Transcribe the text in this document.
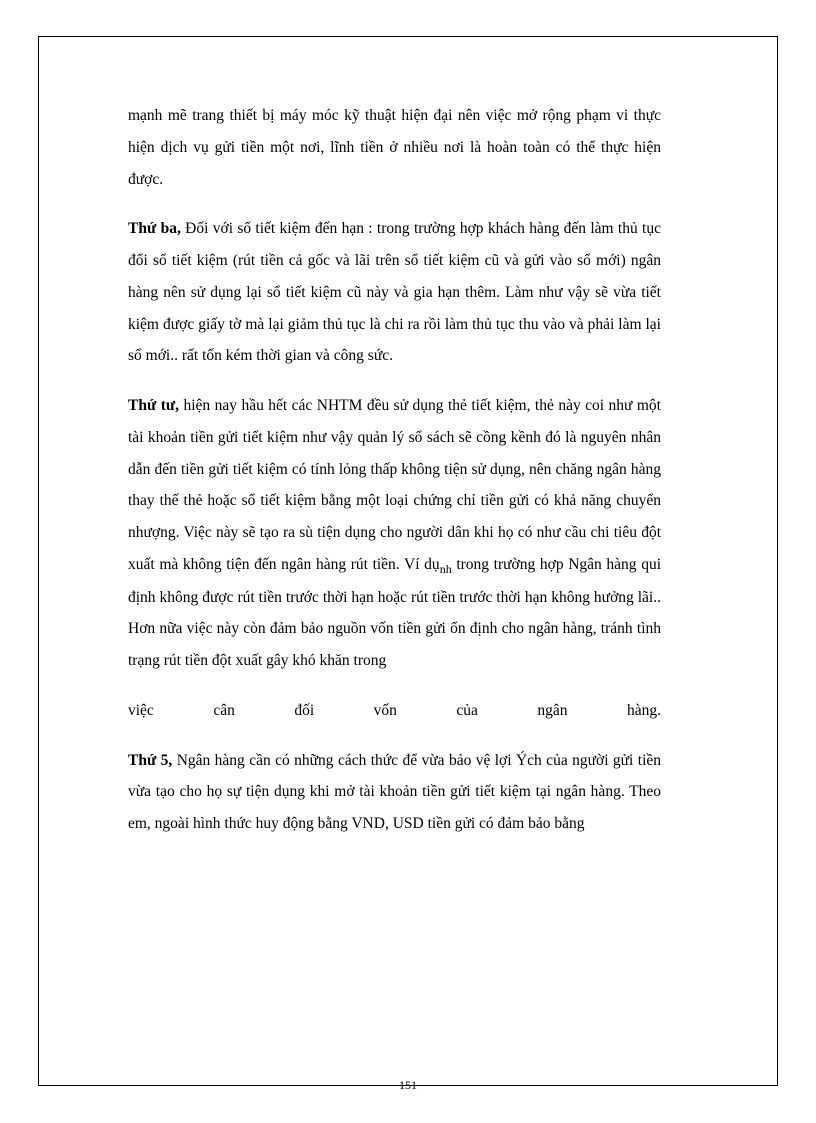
mạnh mẽ trang thiết bị máy móc kỹ thuật hiện đại nên việc mở rộng phạm vi thực hiện dịch vụ gửi tiền một nơi, lĩnh tiền ở nhiều nơi là hoàn toàn có thể thực hiện được.

Thứ ba, Đối với sổ tiết kiệm đến hạn : trong trường hợp khách hàng đến làm thủ tục đổi sổ tiết kiệm (rút tiền cả gốc và lãi trên sổ tiết kiệm cũ và gửi vào sổ mới) ngân hàng nên sử dụng lại sổ tiết kiệm cũ này và gia hạn thêm. Làm như vậy sẽ vừa tiết kiệm được giấy tờ mà lại giảm thủ tục là chi ra rồi làm thủ tục thu vào và phải làm lại sổ mới.. rất tốn kém thời gian và công sức.

Thứ tư, hiện nay hầu hết các NHTM đều sử dụng thẻ tiết kiệm, thẻ này coi như một tài khoản tiền gửi tiết kiệm như vậy quản lý sổ sách sẽ cồng kềnh đó là nguyên nhân dẫn đến tiền gửi tiết kiệm có tính lỏng thấp không tiện sử dụng, nên chăng ngân hàng thay thế thẻ hoặc sổ tiết kiệm bằng một loại chứng chỉ tiền gửi có khả năng chuyển nhượng. Việc này sẽ tạo ra sù tiện dụng cho người dân khi họ có như cầu chi tiêu đột xuất mà không tiện đến ngân hàng rút tiền. Ví dụ$_{nh}$ trong trường hợp Ngân hàng qui định không được rút tiền trước thời hạn hoặc rút tiền trước thời hạn không hưởng lãi.. Hơn nữa việc này còn đảm bảo nguồn vốn tiền gửi ổn định cho ngân hàng, tránh tình trạng rút tiền đột xuất gây khó khăn trong

việc	cân	đối	vốn	của	ngân	hàng.

Thứ 5, Ngân hàng cần có những cách thức để vừa bảo vệ lợi Ých của người gửi tiền vừa tạo cho họ sự tiện dụng khi mở tài khoản tiền gửi tiết kiệm tại ngân hàng. Theo em, ngoài hình thức huy động bằng VND, USD tiền gửi có đảm bảo bằng

151
